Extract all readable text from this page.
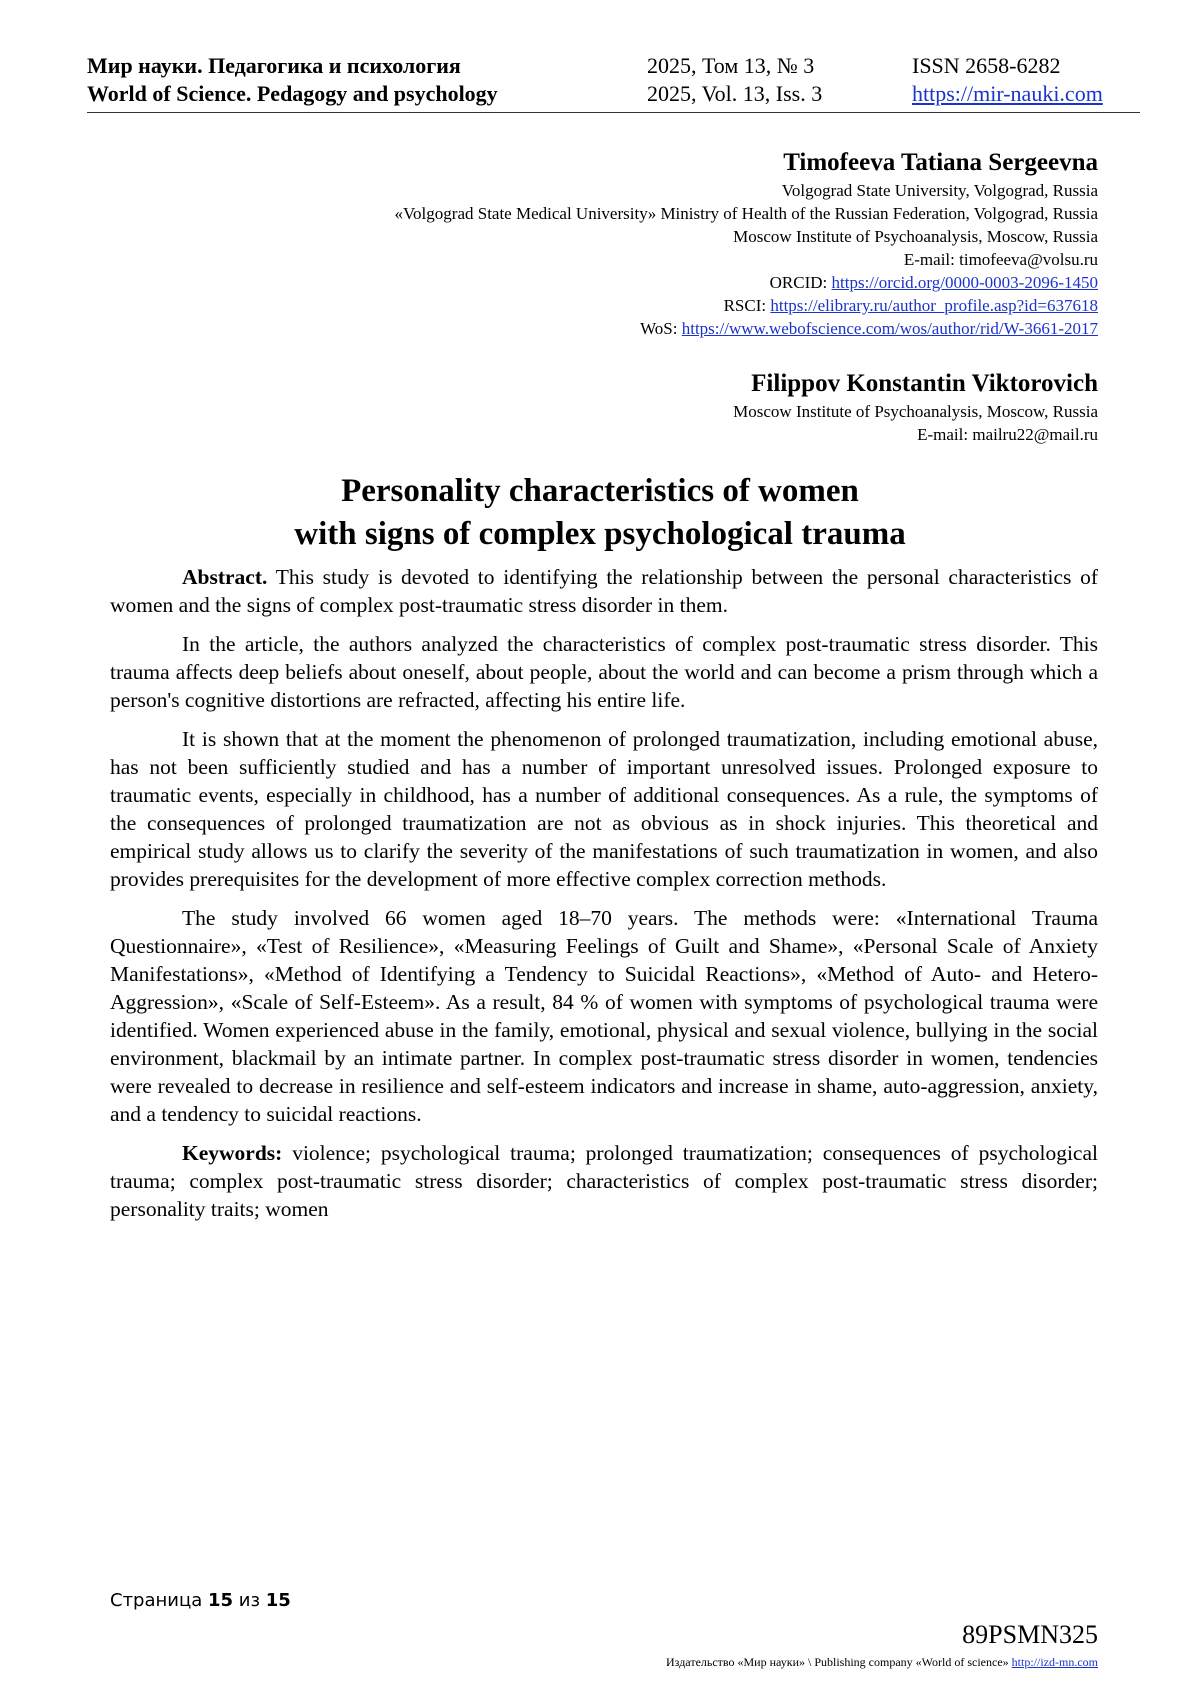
Мир науки. Педагогика и психология
World of Science. Pedagogy and psychology
2025, Том 13, № 3
2025, Vol. 13, Iss. 3
ISSN 2658-6282
https://mir-nauki.com
Timofeeva Tatiana Sergeevna
Volgograd State University, Volgograd, Russia
«Volgograd State Medical University» Ministry of Health of the Russian Federation, Volgograd, Russia
Moscow Institute of Psychoanalysis, Moscow, Russia
E-mail: timofeeva@volsu.ru
ORCID: https://orcid.org/0000-0003-2096-1450
RSCI: https://elibrary.ru/author_profile.asp?id=637618
WoS: https://www.webofscience.com/wos/author/rid/W-3661-2017
Filippov Konstantin Viktorovich
Moscow Institute of Psychoanalysis, Moscow, Russia
E-mail: mailru22@mail.ru
Personality characteristics of women
with signs of complex psychological trauma

Abstract. This study is devoted to identifying the relationship between the personal characteristics of women and the signs of complex post-traumatic stress disorder in them.

In the article, the authors analyzed the characteristics of complex post-traumatic stress disorder. This trauma affects deep beliefs about oneself, about people, about the world and can become a prism through which a person's cognitive distortions are refracted, affecting his entire life.

It is shown that at the moment the phenomenon of prolonged traumatization, including emotional abuse, has not been sufficiently studied and has a number of important unresolved issues. Prolonged exposure to traumatic events, especially in childhood, has a number of additional consequences. As a rule, the symptoms of the consequences of prolonged traumatization are not as obvious as in shock injuries. This theoretical and empirical study allows us to clarify the severity of the manifestations of such traumatization in women, and also provides prerequisites for the development of more effective complex correction methods.

The study involved 66 women aged 18–70 years. The methods were: «International Trauma Questionnaire», «Test of Resilience», «Measuring Feelings of Guilt and Shame», «Personal Scale of Anxiety Manifestations», «Method of Identifying a Tendency to Suicidal Reactions», «Method of Auto- and Hetero-Aggression», «Scale of Self-Esteem». As a result, 84 % of women with symptoms of psychological trauma were identified. Women experienced abuse in the family, emotional, physical and sexual violence, bullying in the social environment, blackmail by an intimate partner. In complex post-traumatic stress disorder in women, tendencies were revealed to decrease in resilience and self-esteem indicators and increase in shame, auto-aggression, anxiety, and a tendency to suicidal reactions.

Keywords: violence; psychological trauma; prolonged traumatization; consequences of psychological trauma; complex post-traumatic stress disorder; characteristics of complex post-traumatic stress disorder; personality traits; women

Страница 15 из 15
89PSMN325
Издательство «Мир науки» \ Publishing company «World of science» http://izd-mn.com
